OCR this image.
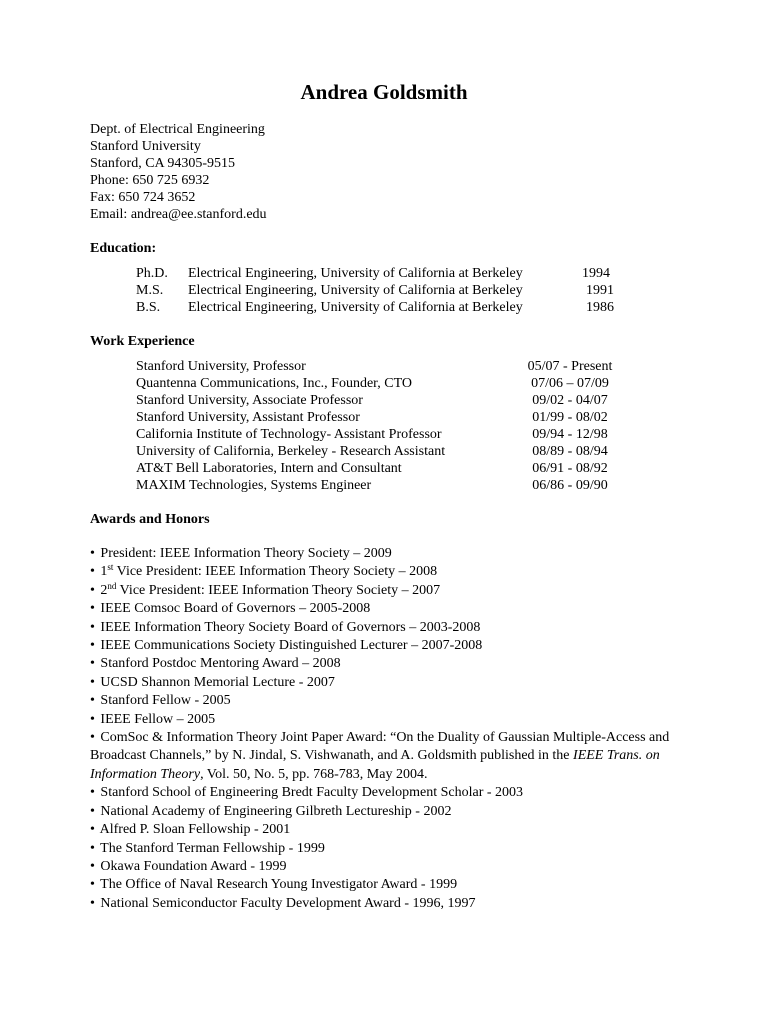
Andrea Goldsmith
Dept. of Electrical Engineering
Stanford University
Stanford, CA 94305-9515
Phone: 650 725 6932
Fax: 650 724 3652
Email: andrea@ee.stanford.edu
Education:
Ph.D. Electrical Engineering, University of California at Berkeley	1994
M.S. Electrical Engineering, University of California at Berkeley	1991
B.S. Electrical Engineering, University of California at Berkeley	1986
Work Experience
Stanford University, Professor	05/07 - Present
Quantenna Communications, Inc., Founder, CTO	07/06 – 07/09
Stanford University, Associate Professor	09/02 - 04/07
Stanford University, Assistant Professor	01/99 - 08/02
California Institute of Technology- Assistant Professor	09/94 - 12/98
University of California, Berkeley - Research Assistant	08/89 - 08/94
AT&T Bell Laboratories, Intern and Consultant	06/91 - 08/92
MAXIM Technologies, Systems Engineer	06/86 - 09/90
Awards and Honors
• President: IEEE Information Theory Society – 2009
• 1st Vice President: IEEE Information Theory Society – 2008
• 2nd Vice President: IEEE Information Theory Society – 2007
• IEEE Comsoc Board of Governors – 2005-2008
• IEEE Information Theory Society Board of Governors – 2003-2008
• IEEE Communications Society Distinguished Lecturer – 2007-2008
• Stanford Postdoc Mentoring Award – 2008
• UCSD Shannon Memorial Lecture - 2007
• Stanford Fellow - 2005
• IEEE Fellow – 2005
• ComSoc & Information Theory Joint Paper Award: “On the Duality of Gaussian Multiple-Access and Broadcast Channels,” by N. Jindal, S. Vishwanath, and A. Goldsmith published in the IEEE Trans. on Information Theory, Vol. 50, No. 5, pp. 768-783, May 2004.
• Stanford School of Engineering Bredt Faculty Development Scholar - 2003
• National Academy of Engineering Gilbreth Lectureship - 2002
• Alfred P. Sloan Fellowship - 2001
• The Stanford Terman Fellowship - 1999
• Okawa Foundation Award - 1999
• The Office of Naval Research Young Investigator Award - 1999
• National Semiconductor Faculty Development Award - 1996, 1997
